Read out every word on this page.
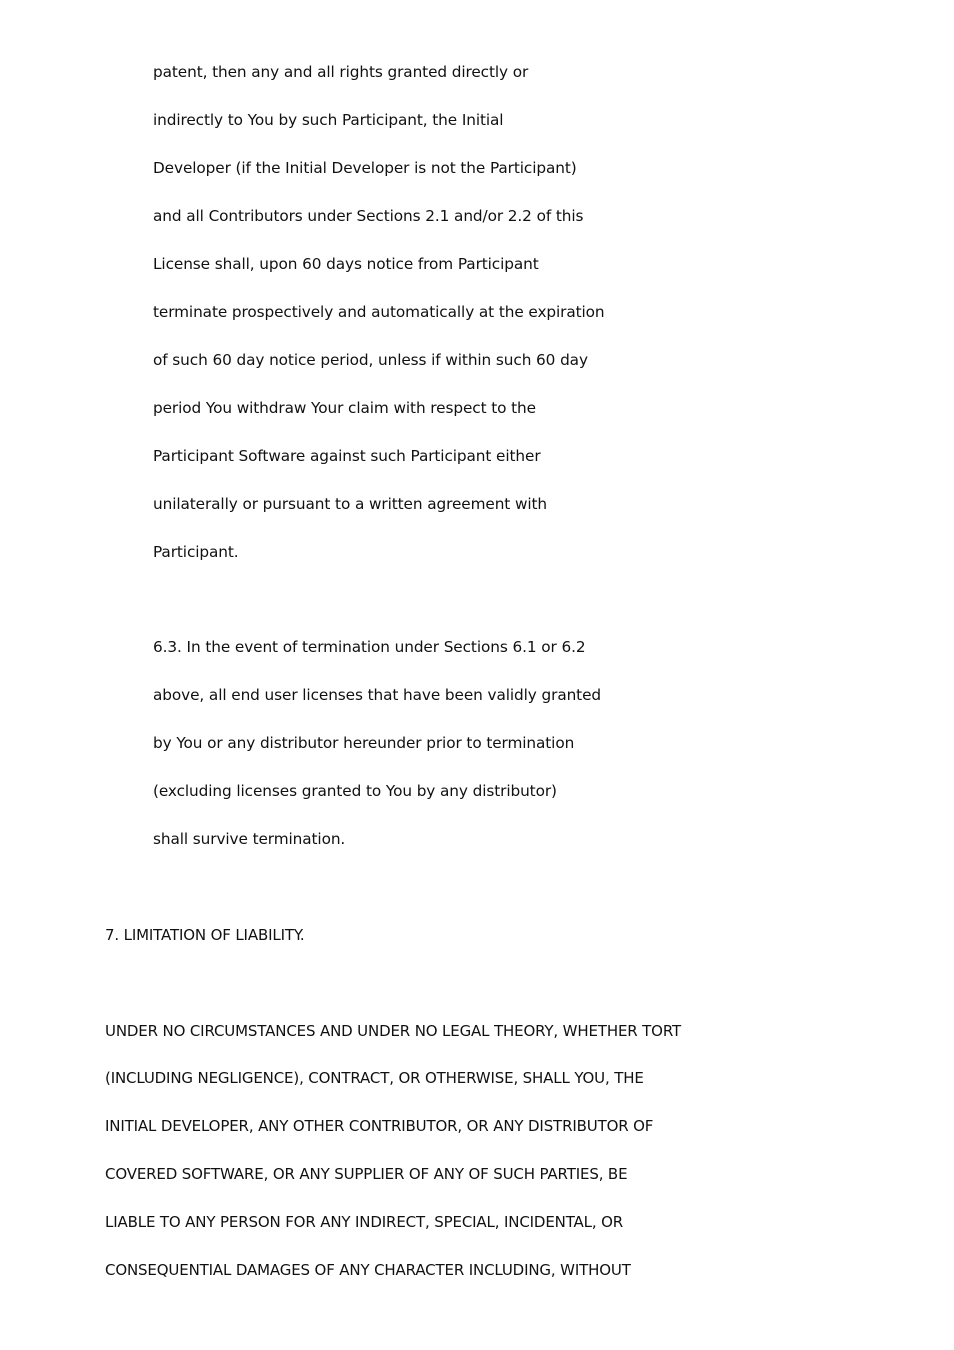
patent, then any and all rights granted directly or
indirectly to You by such Participant, the Initial
Developer (if the Initial Developer is not the Participant)
and all Contributors under Sections 2.1 and/or 2.2 of this
License shall, upon 60 days notice from Participant
terminate prospectively and automatically at the expiration
of such 60 day notice period, unless if within such 60 day
period You withdraw Your claim with respect to the
Participant Software against such Participant either
unilaterally or pursuant to a written agreement with
Participant.
6.3. In the event of termination under Sections 6.1 or 6.2
above, all end user licenses that have been validly granted
by You or any distributor hereunder prior to termination
(excluding licenses granted to You by any distributor)
shall survive termination.
7. LIMITATION OF LIABILITY.
UNDER NO CIRCUMSTANCES AND UNDER NO LEGAL THEORY, WHETHER TORT
(INCLUDING NEGLIGENCE), CONTRACT, OR OTHERWISE, SHALL YOU, THE
INITIAL DEVELOPER, ANY OTHER CONTRIBUTOR, OR ANY DISTRIBUTOR OF
COVERED SOFTWARE, OR ANY SUPPLIER OF ANY OF SUCH PARTIES, BE
LIABLE TO ANY PERSON FOR ANY INDIRECT, SPECIAL, INCIDENTAL, OR
CONSEQUENTIAL DAMAGES OF ANY CHARACTER INCLUDING, WITHOUT
